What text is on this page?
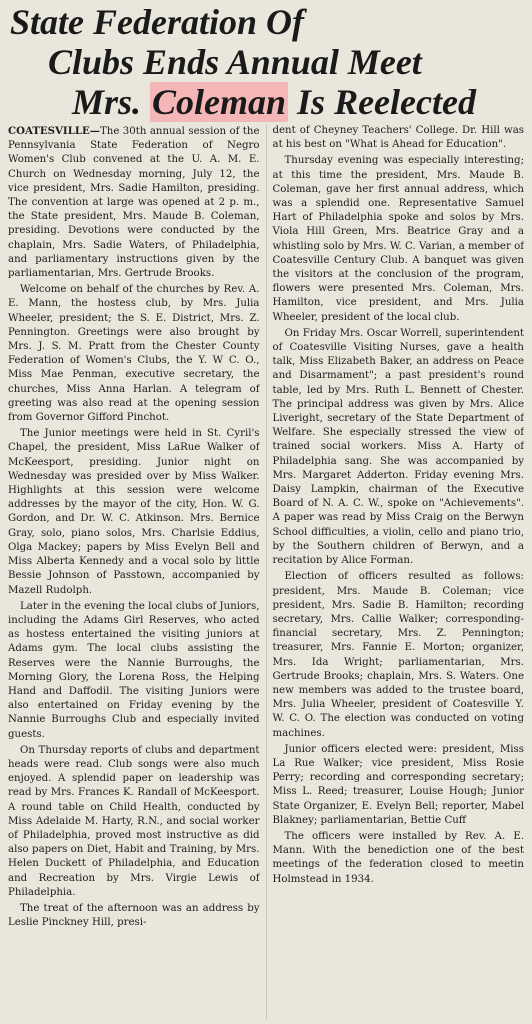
State Federation Of
Clubs Ends Annual Meet
Mrs. Coleman Is Reelected

COATESVILLE—The 30th annual session of the Pennsylvania State Federation of Negro Women's Club convened at the U. A. M. E. Church on Wednesday morning, July 12, the vice president, Mrs. Sadie Hamilton, presiding. The convention at large was opened at 2 p. m., the State president, Mrs. Maude B. Coleman, presiding. Devotions were conducted by the chaplain, Mrs. Sadie Waters, of Philadelphia, and parliamentary instructions given by the parliamentarian, Mrs. Gertrude Brooks.

Welcome on behalf of the churches by Rev. A. E. Mann, the hostess club, by Mrs. Julia Wheeler, president; the S. E. District, Mrs. Z. Pennington. Greetings were also brought by Mrs. J. S. M. Pratt from the Chester County Federation of Women's Clubs, the Y. W C. O., Miss Mae Penman, executive secretary, the churches, Miss Anna Harlan. A telegram of greeting was also read at the opening session from Governor Gifford Pinchot.

The Junior meetings were held in St. Cyril's Chapel, the president, Miss LaRue Walker of McKeesport, presiding. Junior night on Wednesday was presided over by Miss Walker. Highlights at this session were welcome addresses by the mayor of the city, Hon. W. G. Gordon, and Dr. W. C. Atkinson. Mrs. Bernice Gray, solo, piano solos, Mrs. Charlsie Eddius, Olga Mackey; papers by Miss Evelyn Bell and Miss Alberta Kennedy and a vocal solo by little Bessie Johnson of Passtown, accompanied by Mazell Rudolph.

Later in the evening the local clubs of Juniors, including the Adams Girl Reserves, who acted as hostess entertained the visiting juniors at Adams gym. The local clubs assisting the Reserves were the Nannie Burroughs, the Morning Glory, the Lorena Ross, the Helping Hand and Daffodil. The visiting Juniors were also entertained on Friday evening by the Nannie Burroughs Club and especially invited guests.

On Thursday reports of clubs and department heads were read. Club songs were also much enjoyed. A splendid paper on leadership was read by Mrs. Frances K. Randall of McKeesport. A round table on Child Health, conducted by Miss Adelaide M. Harty, R.N., and social worker of Philadelphia, proved most instructive as did also papers on Diet, Habit and Training, by Mrs. Helen Duckett of Philadelphia, and Education and Recreation by Mrs. Virgie Lewis of Philadelphia.

The treat of the afternoon was an address by Leslie Pinckney Hill, presi-

dent of Cheyney Teachers' College. Dr. Hill was at his best on "What is Ahead for Education".

Thursday evening was especially interesting; at this time the president, Mrs. Maude B. Coleman, gave her first annual address, which was a splendid one. Representative Samuel Hart of Philadelphia spoke and solos by Mrs. Viola Hill Green, Mrs. Beatrice Gray and a whistling solo by Mrs. W. C. Varian, a member of Coatesville Century Club. A banquet was given the visitors at the conclusion of the program, flowers were presented Mrs. Coleman, Mrs. Hamilton, vice president, and Mrs. Julia Wheeler, president of the local club.

On Friday Mrs. Oscar Worrell, superintendent of Coatesville Visiting Nurses, gave a health talk, Miss Elizabeth Baker, an address on Peace and Disarmament"; a past president's round table, led by Mrs. Ruth L. Bennett of Chester. The principal address was given by Mrs. Alice Liveright, secretary of the State Department of Welfare. She especially stressed the view of trained social workers. Miss A. Harty of Philadelphia sang. She was accompanied by Mrs. Margaret Adderton. Friday evening Mrs. Daisy Lampkin, chairman of the Executive Board of N. A. C. W., spoke on "Achievements". A paper was read by Miss Craig on the Berwyn School difficulties, a violin, cello and piano trio, by the Southern children of Berwyn, and a recitation by Alice Forman.

Election of officers resulted as follows: president, Mrs. Maude B. Coleman; vice president, Mrs. Sadie B. Hamilton; recording secretary, Mrs. Callie Walker; corresponding-financial secretary, Mrs. Z. Pennington; treasurer, Mrs. Fannie E. Morton; organizer, Mrs. Ida Wright; parliamentarian, Mrs. Gertrude Brooks; chaplain, Mrs. S. Waters. One new members was added to the trustee board, Mrs. Julia Wheeler, president of Coatesville Y. W. C. O. The election was conducted on voting machines.

Junior officers elected were: president, Miss La Rue Walker; vice president, Miss Rosie Perry; recording and corresponding secretary; Miss L. Reed; treasurer, Louise Hough; Junior State Organizer, E. Evelyn Bell; reporter, Mabel Blakney; parliamentarian, Bettie Cuff

The officers were installed by Rev. A. E. Mann. With the benediction one of the best meetings of the federation closed to meetin Holmstead in 1934.
